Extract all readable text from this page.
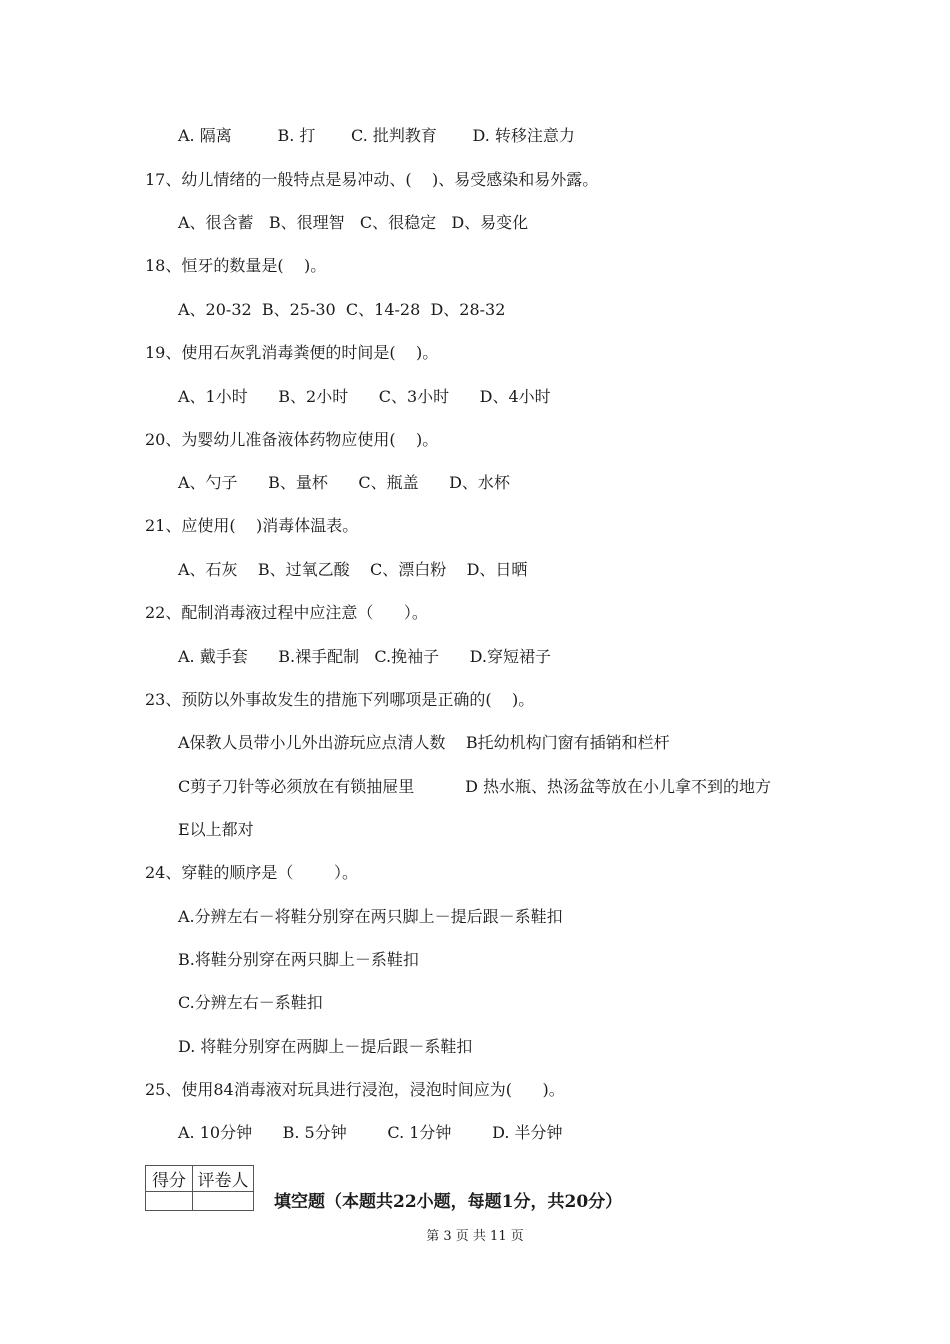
A. 隔离         B. 打       C. 批判教育       D. 转移注意力
17、幼儿情绪的一般特点是易冲动、(    )、易受感染和易外露。
A、很含蓄   B、很理智   C、很稳定   D、易变化
18、恒牙的数量是(    )。
A、20-32  B、25-30  C、14-28  D、28-32
19、使用石灰乳消毒粪便的时间是(    )。
A、1小时      B、2小时      C、3小时      D、4小时
20、为婴幼儿准备液体药物应使用(    )。
A、勺子      B、量杯      C、瓶盖      D、水杯
21、应使用(    )消毒体温表。
A、石灰    B、过氧乙酸    C、漂白粉    D、日晒
22、配制消毒液过程中应注意（      ）。
A. 戴手套      B.裸手配制   C.挽袖子      D.穿短裙子
23、预防以外事故发生的措施下列哪项是正确的(    )。
A保教人员带小儿外出游玩应点清人数    B托幼机构门窗有插销和栏杆
C剪子刀针等必须放在有锁抽屉里          D 热水瓶、热汤盆等放在小儿拿不到的地方
E以上都对
24、穿鞋的顺序是（        ）。
A.分辨左右－将鞋分别穿在两只脚上－提后跟－系鞋扣
B.将鞋分别穿在两只脚上－系鞋扣
C.分辨左右－系鞋扣
D. 将鞋分别穿在两脚上－提后跟－系鞋扣
25、使用84消毒液对玩具进行浸泡，浸泡时间应为(      )。
A. 10分钟      B. 5分钟        C. 1分钟        D. 半分钟
得分	评卷人

填空题（本题共22小题，每题1分，共20分）
第 3 页 共 11 页
